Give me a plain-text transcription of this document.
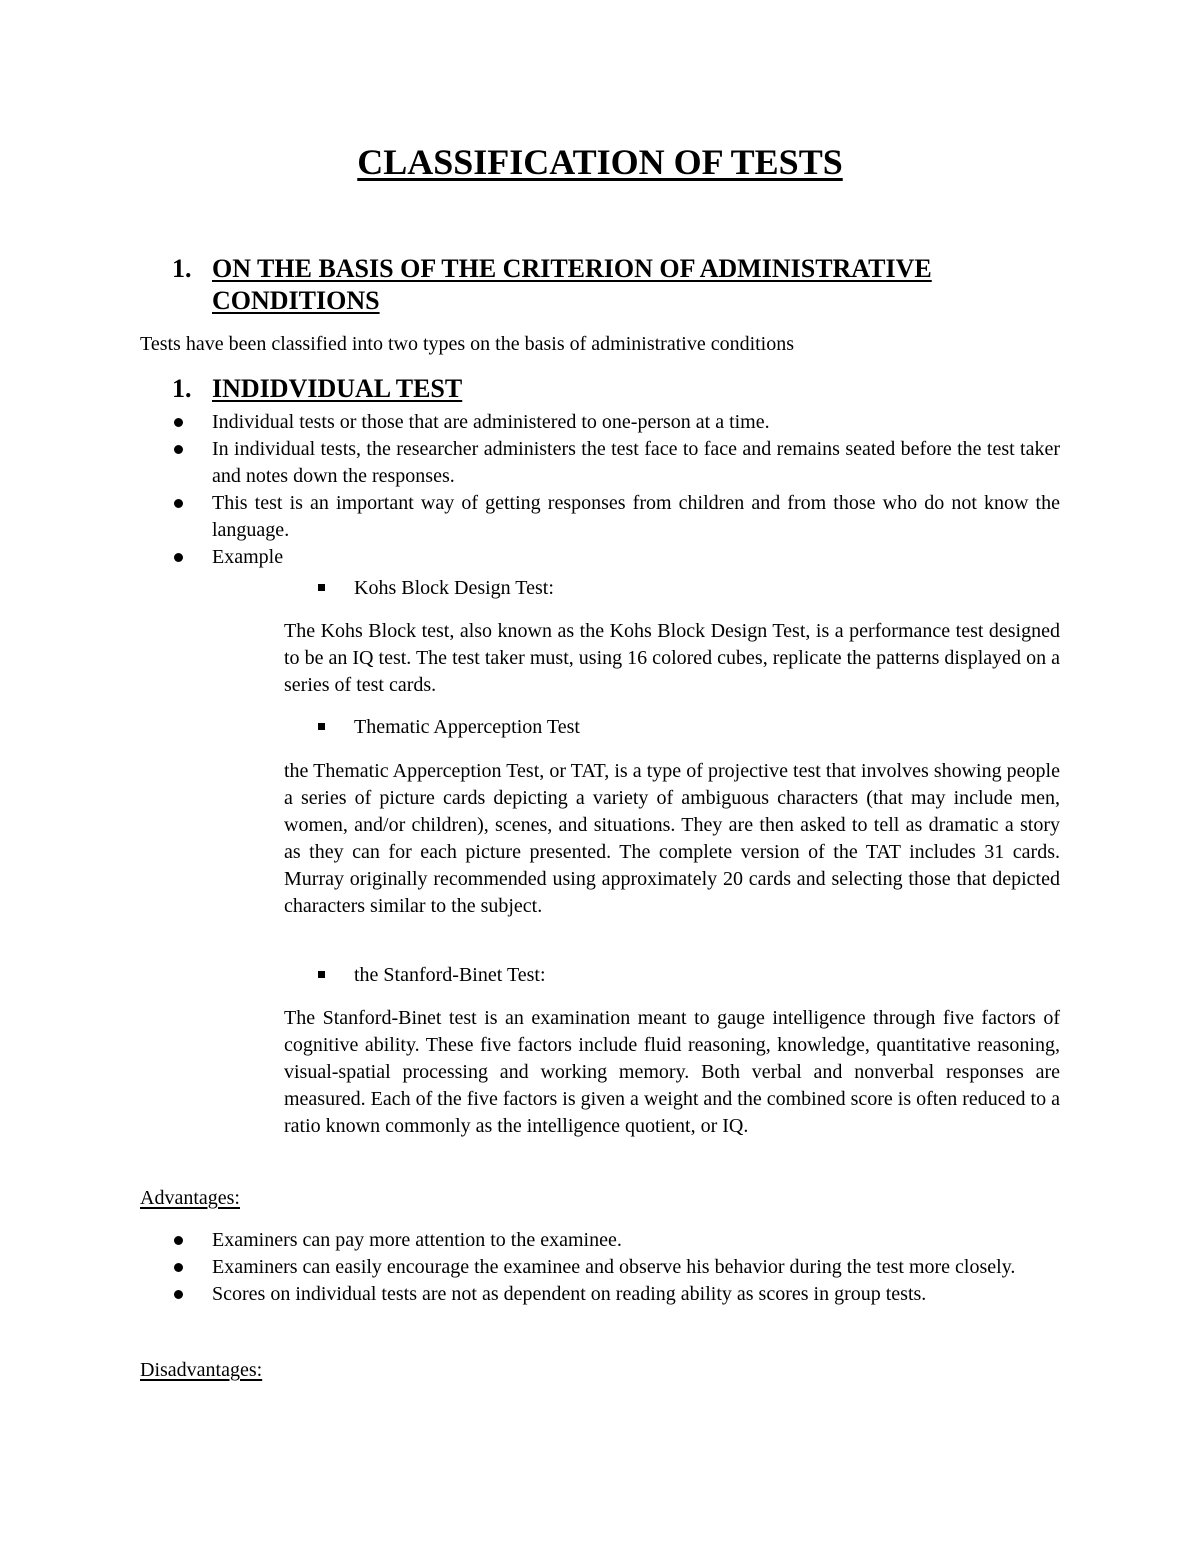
CLASSIFICATION OF TESTS
1. ON THE BASIS OF THE CRITERION OF ADMINISTRATIVE CONDITIONS

Tests have been classified into two types on the basis of administrative conditions

1. INDIDVIDUAL TEST
Individual tests or those that are administered to one-person at a time.
In individual tests, the researcher administers the test face to face and remains seated before the test taker and notes down the responses.
This test is an important way of getting responses from children and from those who do not know the language.
Example

Kohs Block Design Test:

The Kohs Block test, also known as the Kohs Block Design Test, is a performance test designed to be an IQ test. The test taker must, using 16 colored cubes, replicate the patterns displayed on a series of test cards.

Thematic Apperception Test

the Thematic Apperception Test, or TAT, is a type of projective test that involves showing people a series of picture cards depicting a variety of ambiguous characters (that may include men, women, and/or children), scenes, and situations. They are then asked to tell as dramatic a story as they can for each picture presented. The complete version of the TAT includes 31 cards. Murray originally recommended using approximately 20 cards and selecting those that depicted characters similar to the subject.

the Stanford-Binet Test:

The Stanford-Binet test is an examination meant to gauge intelligence through five factors of cognitive ability. These five factors include fluid reasoning, knowledge, quantitative reasoning, visual-spatial processing and working memory. Both verbal and nonverbal responses are measured. Each of the five factors is given a weight and the combined score is often reduced to a ratio known commonly as the intelligence quotient, or IQ.

Advantages:

Examiners can pay more attention to the examinee.
Examiners can easily encourage the examinee and observe his behavior during the test more closely.
Scores on individual tests are not as dependent on reading ability as scores in group tests.

Disadvantages:
